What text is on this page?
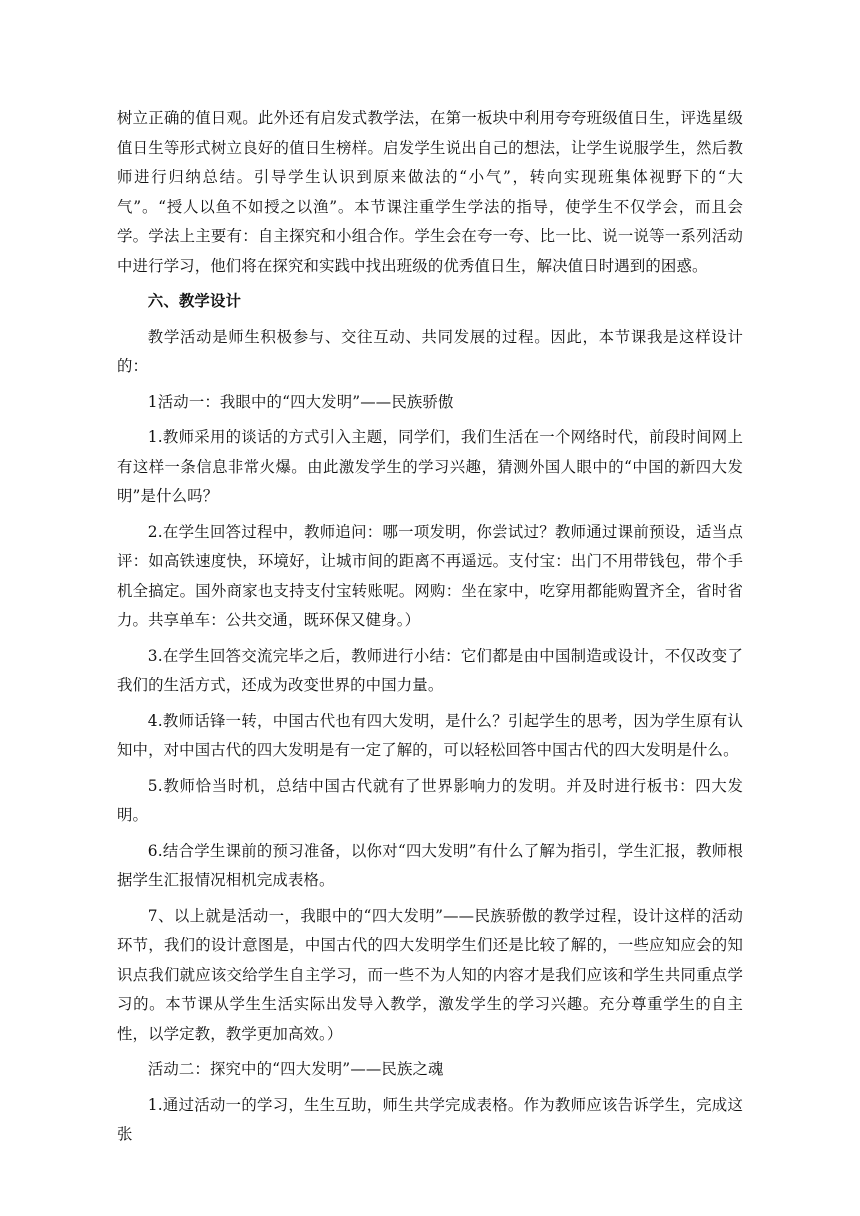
树立正确的值日观。此外还有启发式教学法，在第一板块中利用夸夸班级值日生，评选星级值日生等形式树立良好的值日生榜样。启发学生说出自己的想法，让学生说服学生，然后教师进行归纳总结。引导学生认识到原来做法的“小气”，转向实现班集体视野下的“大气”。“授人以鱼不如授之以渔”。本节课注重学生学法的指导，使学生不仅学会，而且会学。学法上主要有：自主探究和小组合作。学生会在夸一夸、比一比、说一说等一系列活动中进行学习，他们将在探究和实践中找出班级的优秀值日生，解决值日时遇到的困惑。

六、教学设计

教学活动是师生积极参与、交往互动、共同发展的过程。因此，本节课我是这样设计的：

1活动一：我眼中的“四大发明”——民族骄傲

1.教师采用的谈话的方式引入主题，同学们，我们生活在一个网络时代，前段时间网上有这样一条信息非常火爆。由此激发学生的学习兴趣，猜测外国人眼中的“中国的新四大发明”是什么吗？

2.在学生回答过程中，教师追问：哪一项发明，你尝试过？教师通过课前预设，适当点评：如高铁速度快，环境好，让城市间的距离不再遥远。支付宝：出门不用带钱包，带个手机全搞定。国外商家也支持支付宝转账呢。网购：坐在家中，吃穿用都能购置齐全，省时省力。共享单车：公共交通，既环保又健身。）

3.在学生回答交流完毕之后，教师进行小结：它们都是由中国制造或设计，不仅改变了我们的生活方式，还成为改变世界的中国力量。

4.教师话锋一转，中国古代也有四大发明，是什么？引起学生的思考，因为学生原有认知中，对中国古代的四大发明是有一定了解的，可以轻松回答中国古代的四大发明是什么。

5.教师恰当时机，总结中国古代就有了世界影响力的发明。并及时进行板书：四大发明。

6.结合学生课前的预习准备，以你对“四大发明”有什么了解为指引，学生汇报，教师根据学生汇报情况相机完成表格。

7、以上就是活动一，我眼中的“四大发明”——民族骄傲的教学过程，设计这样的活动环节，我们的设计意图是，中国古代的四大发明学生们还是比较了解的，一些应知应会的知识点我们就应该交给学生自主学习，而一些不为人知的内容才是我们应该和学生共同重点学习的。本节课从学生生活实际出发导入教学，激发学生的学习兴趣。充分尊重学生的自主性，以学定教，教学更加高效。）

活动二：探究中的“四大发明”——民族之魂

1.通过活动一的学习，生生互助，师生共学完成表格。作为教师应该告诉学生，完成这张
